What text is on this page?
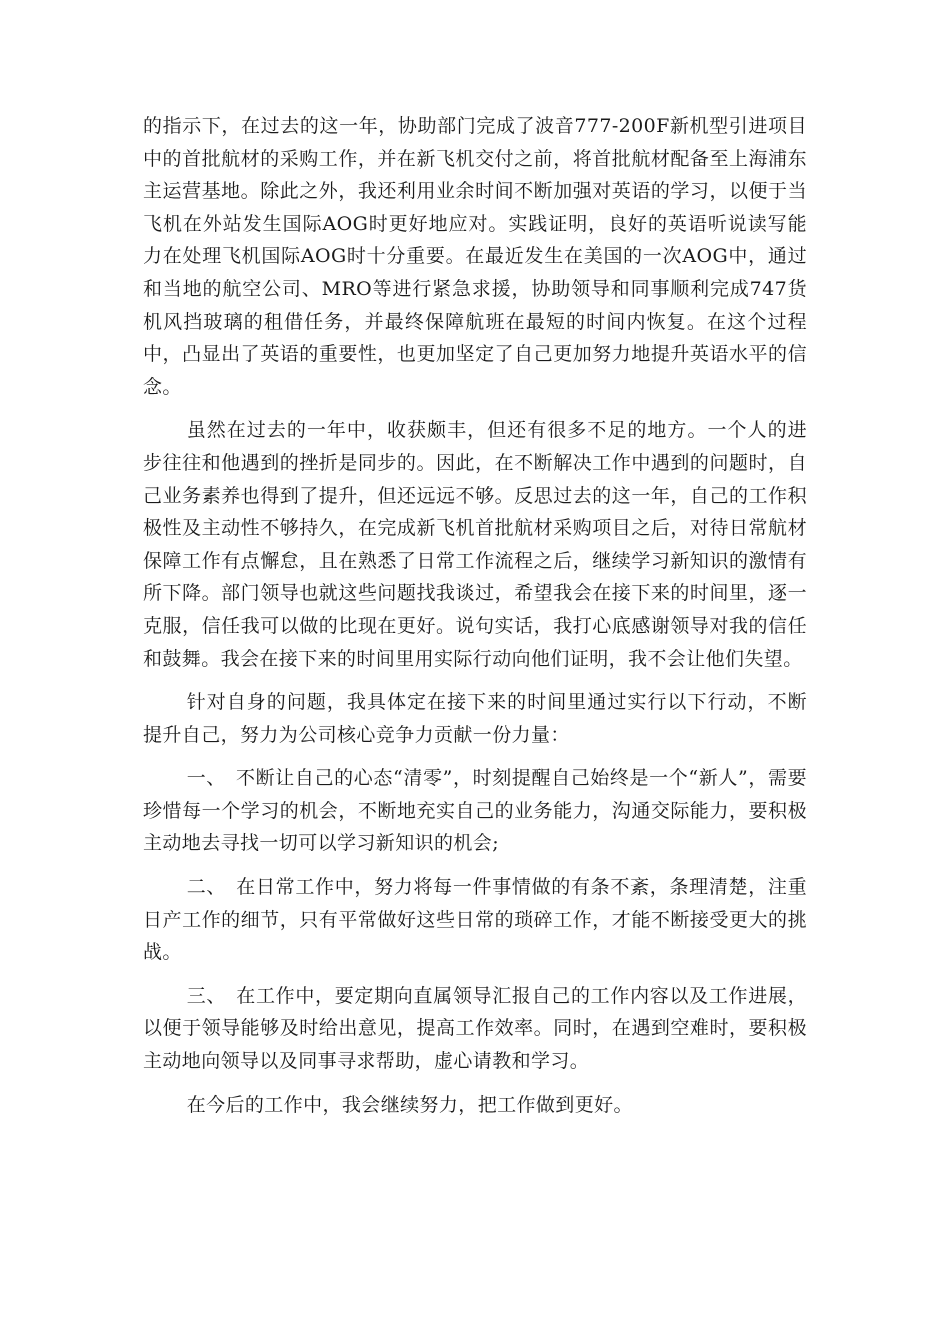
的指示下，在过去的这一年，协助部门完成了波音777-200F新机型引进项目中的首批航材的采购工作，并在新飞机交付之前，将首批航材配备至上海浦东主运营基地。除此之外，我还利用业余时间不断加强对英语的学习，以便于当飞机在外站发生国际AOG时更好地应对。实践证明，良好的英语听说读写能力在处理飞机国际AOG时十分重要。在最近发生在美国的一次AOG中，通过和当地的航空公司、MRO等进行紧急求援，协助领导和同事顺利完成747货机风挡玻璃的租借任务，并最终保障航班在最短的时间内恢复。在这个过程中，凸显出了英语的重要性，也更加坚定了自己更加努力地提升英语水平的信念。

虽然在过去的一年中，收获颇丰，但还有很多不足的地方。一个人的进步往往和他遇到的挫折是同步的。因此，在不断解决工作中遇到的问题时，自己业务素养也得到了提升，但还远远不够。反思过去的这一年，自己的工作积极性及主动性不够持久，在完成新飞机首批航材采购项目之后，对待日常航材保障工作有点懈怠，且在熟悉了日常工作流程之后，继续学习新知识的激情有所下降。部门领导也就这些问题找我谈过，希望我会在接下来的时间里，逐一克服，信任我可以做的比现在更好。说句实话，我打心底感谢领导对我的信任和鼓舞。我会在接下来的时间里用实际行动向他们证明，我不会让他们失望。

针对自身的问题，我具体定在接下来的时间里通过实行以下行动，不断提升自己，努力为公司核心竞争力贡献一份力量：

一、　不断让自己的心态“清零”，时刻提醒自己始终是一个“新人”，需要珍惜每一个学习的机会，不断地充实自己的业务能力，沟通交际能力，要积极主动地去寻找一切可以学习新知识的机会;

二、　在日常工作中，努力将每一件事情做的有条不紊，条理清楚，注重日产工作的细节，只有平常做好这些日常的琐碎工作，才能不断接受更大的挑战。

三、　在工作中，要定期向直属领导汇报自己的工作内容以及工作进展，以便于领导能够及时给出意见，提高工作效率。同时，在遇到空难时，要积极主动地向领导以及同事寻求帮助，虚心请教和学习。

在今后的工作中，我会继续努力，把工作做到更好。
